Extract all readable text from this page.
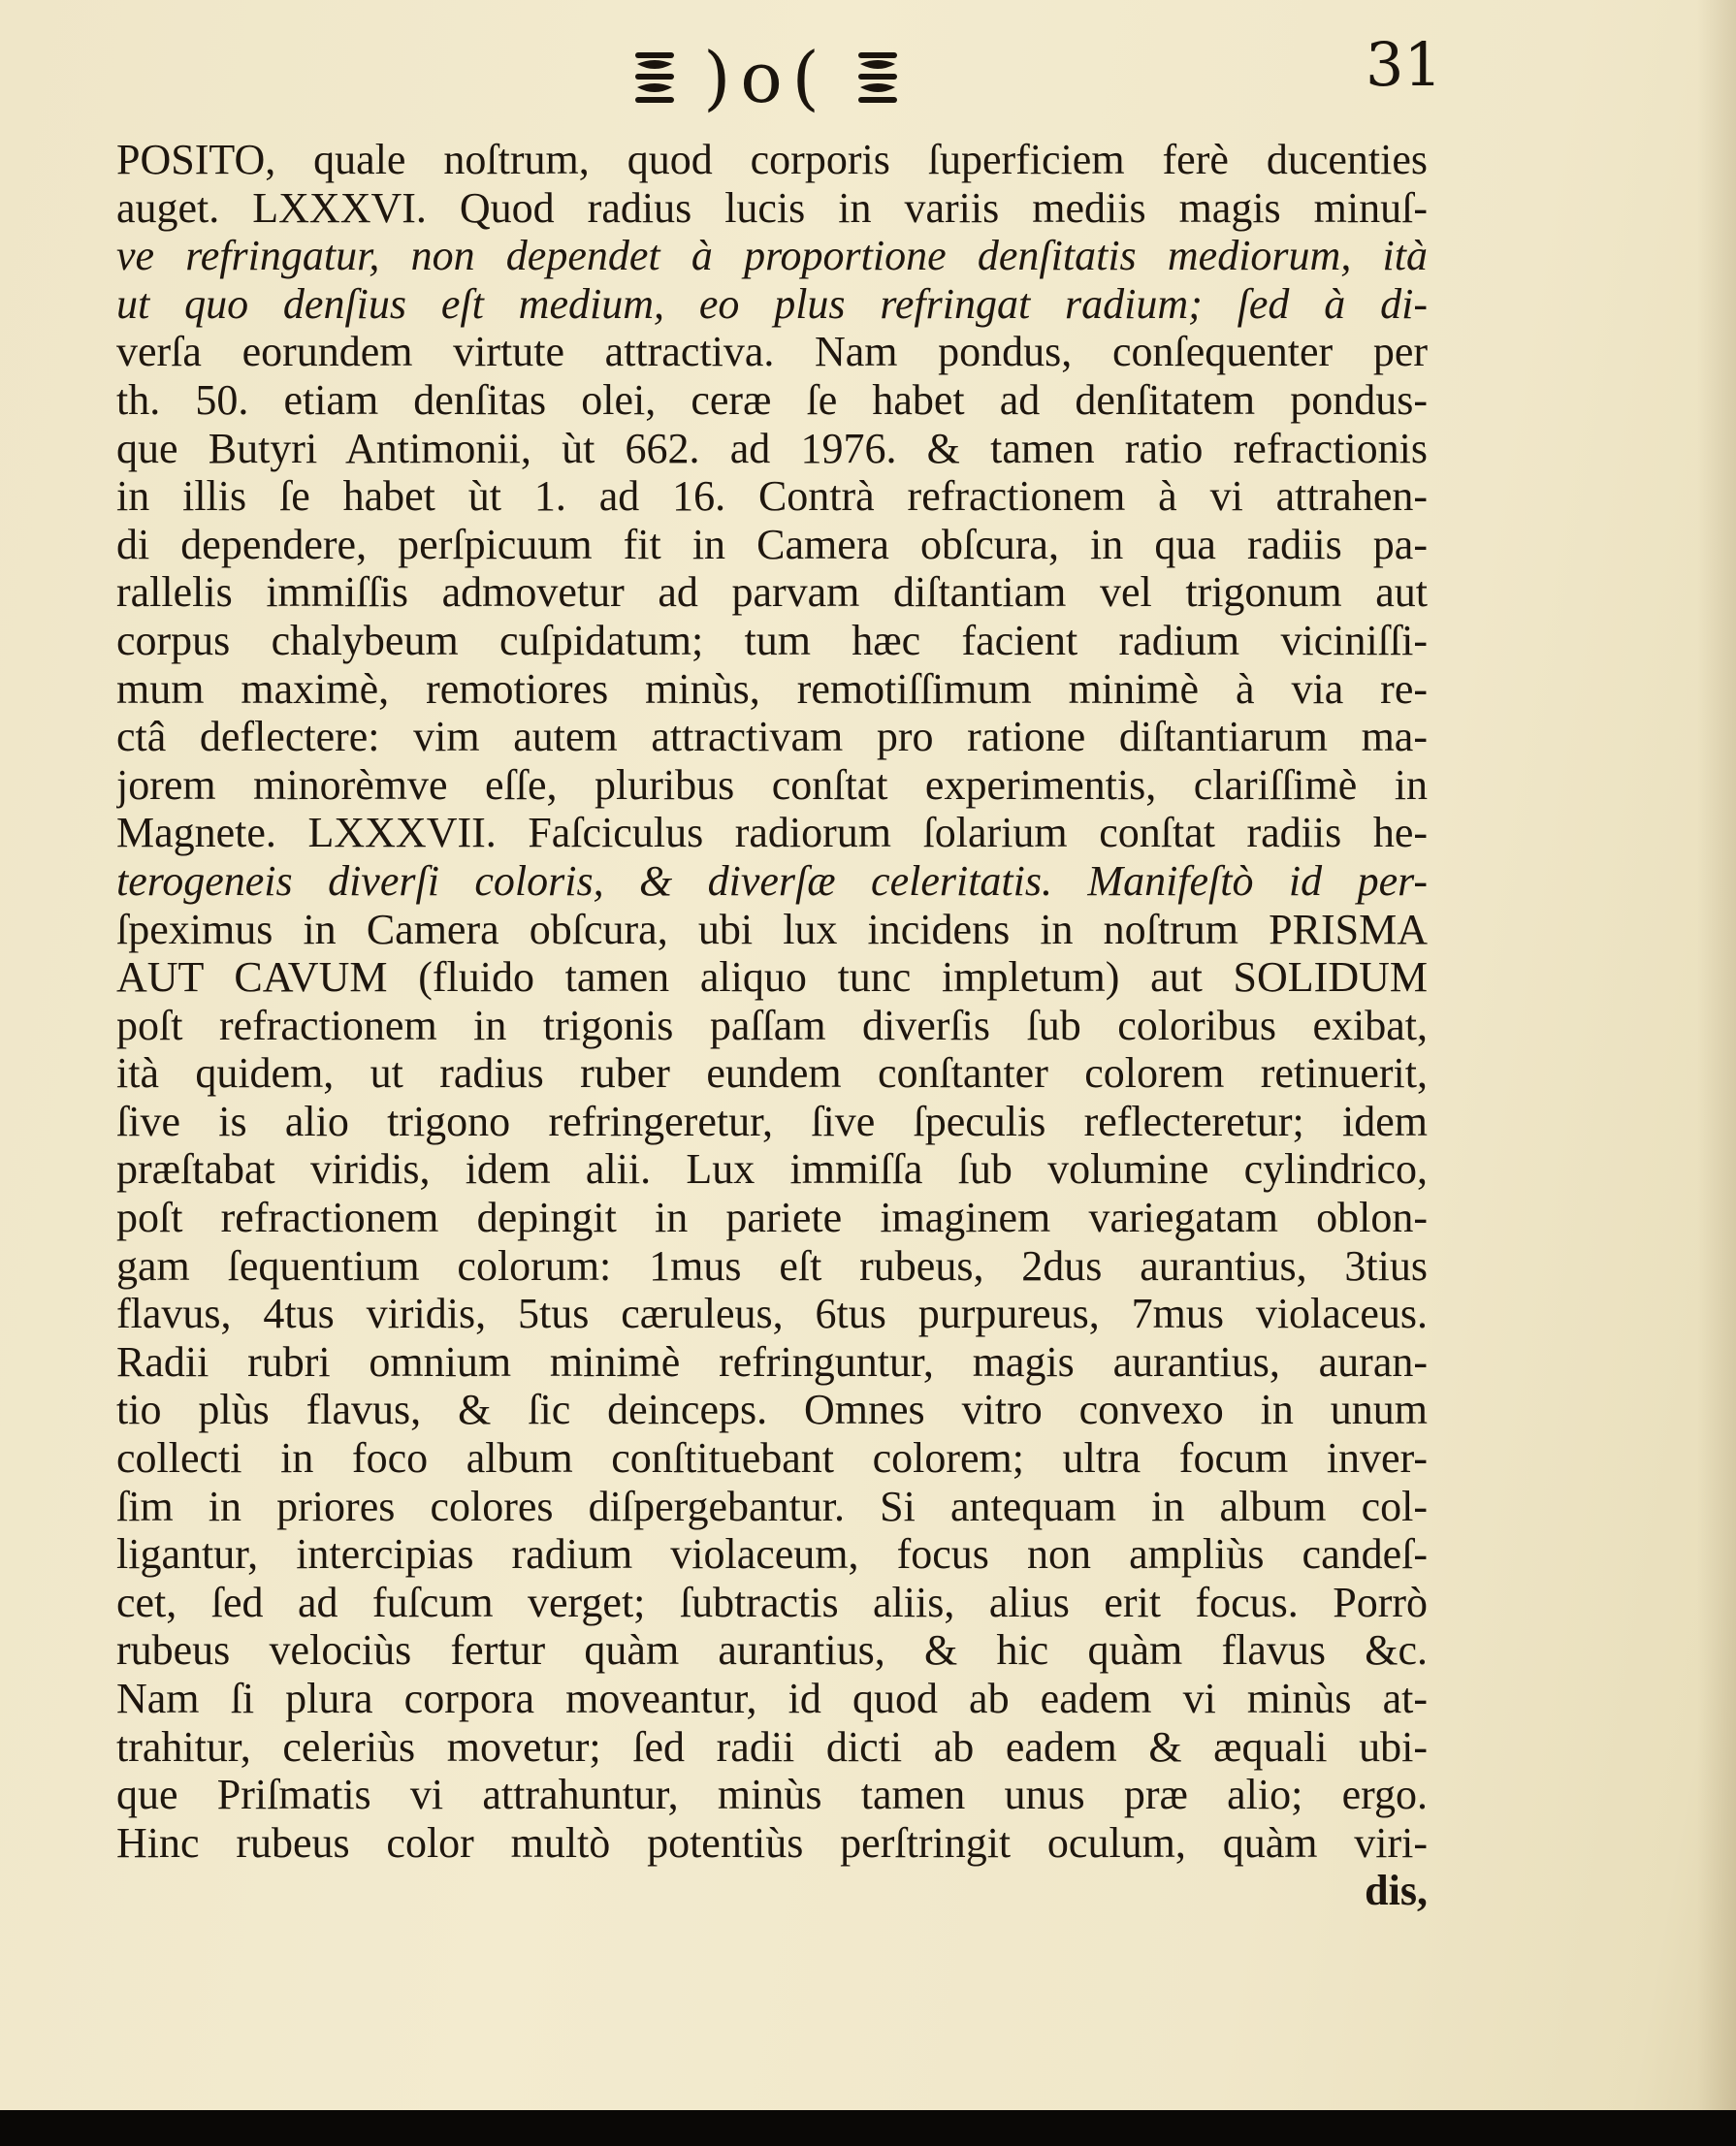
)o(	31
POSITO, quale noſtrum, quod corporis ſuperficiem ferè ducenties
auget. LXXXVI. Quod radius lucis in variis mediis magis minuſ-
ve refringatur, non dependet à proportione denſitatis mediorum, ità
ut quo denſius eſt medium, eo plus refringat radium; ſed à di-
verſa eorundem virtute attractiva. Nam pondus, conſequenter per
th. 50. etiam denſitas olei, ceræ ſe habet ad denſitatem pondus-
que Butyri Antimonii, ùt 662. ad 1976. & tamen ratio refractionis
in illis ſe habet ùt 1. ad 16. Contrà refractionem à vi attrahen-
di dependere, perſpicuum fit in Camera obſcura, in qua radiis pa-
rallelis immiſſis admovetur ad parvam diſtantiam vel trigonum aut
corpus chalybeum cuſpidatum; tum hæc facient radium viciniſſi-
mum maximè, remotiores minùs, remotiſſimum minimè à via re-
ctâ deflectere: vim autem attractivam pro ratione diſtantiarum ma-
jorem minorèmve eſſe, pluribus conſtat experimentis, clariſſimè in
Magnete. LXXXVII. Faſciculus radiorum ſolarium conſtat radiis he-
terogeneis diverſi coloris, & diverſæ celeritatis. Manifeſtò id per-
ſpeximus in Camera obſcura, ubi lux incidens in noſtrum PRISMA
AUT CAVUM (fluido tamen aliquo tunc impletum) aut SOLIDUM
poſt refractionem in trigonis paſſam diverſis ſub coloribus exibat,
ità quidem, ut radius ruber eundem conſtanter colorem retinuerit,
ſive is alio trigono refringeretur, ſive ſpeculis reflecteretur; idem
præſtabat viridis, idem alii. Lux immiſſa ſub volumine cylindrico,
poſt refractionem depingit in pariete imaginem variegatam oblon-
gam ſequentium colorum: 1mus eſt rubeus, 2dus aurantius, 3tius
flavus, 4tus viridis, 5tus cæruleus, 6tus purpureus, 7mus violaceus.
Radii rubri omnium minimè refringuntur, magis aurantius, auran-
tio plùs flavus, & ſic deinceps. Omnes vitro convexo in unum
collecti in foco album conſtituebant colorem; ultra focum inver-
ſim in priores colores diſpergebantur. Si antequam in album col-
ligantur, intercipias radium violaceum, focus non ampliùs candeſ-
cet, ſed ad fuſcum verget; ſubtractis aliis, alius erit focus. Porrò
rubeus velociùs fertur quàm aurantius, & hic quàm flavus &c.
Nam ſi plura corpora moveantur, id quod ab eadem vi minùs at-
trahitur, celeriùs movetur; ſed radii dicti ab eadem & æquali ubi-
que Priſmatis vi attrahuntur, minùs tamen unus præ alio; ergo.
Hinc rubeus color multò potentiùs perſtringit oculum, quàm viri-
dis,
